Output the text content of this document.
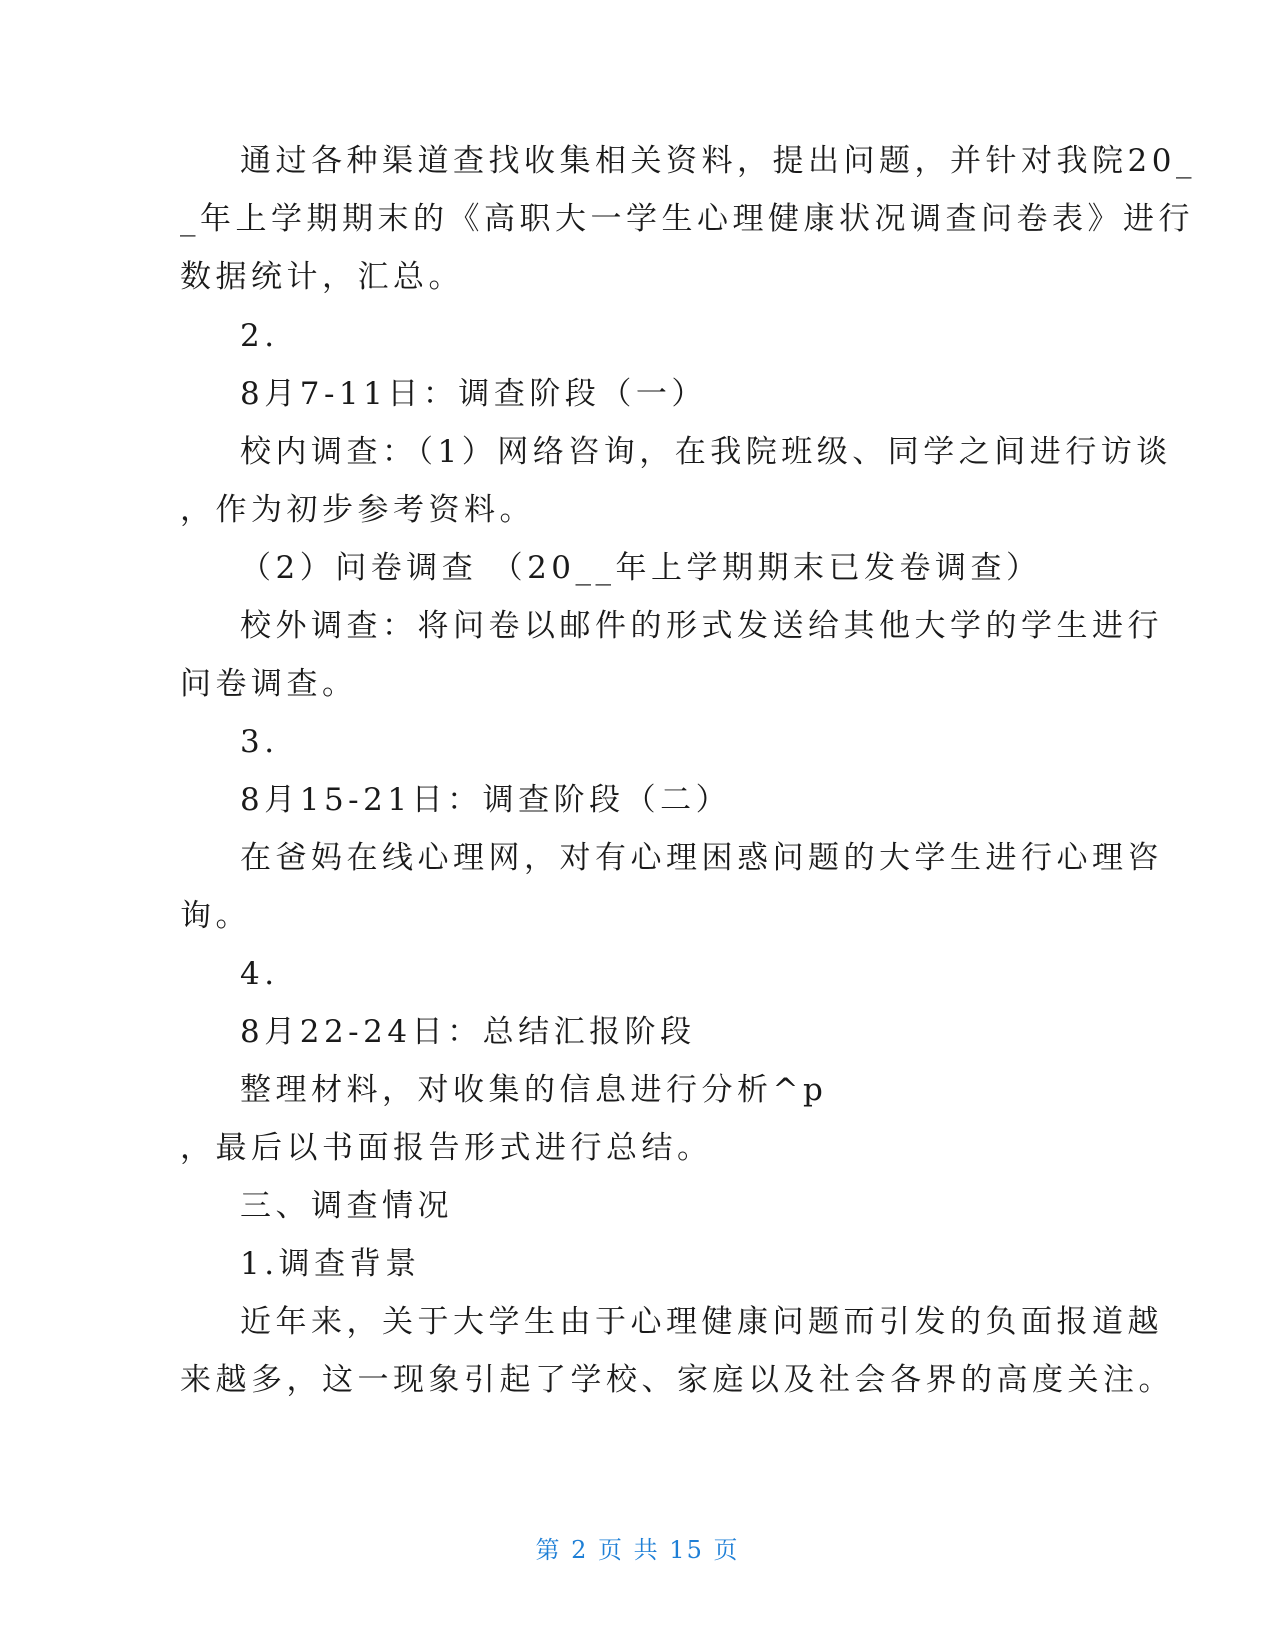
通过各种渠道查找收集相关资料，提出问题，并针对我院20_
_年上学期期末的《高职大一学生心理健康状况调查问卷表》进行
数据统计，汇总。
2.
8月7-11日：调查阶段（一）
校内调查：（1）网络咨询，在我院班级、同学之间进行访谈
，作为初步参考资料。
（2）问卷调查 （20__年上学期期末已发卷调查）
校外调查：将问卷以邮件的形式发送给其他大学的学生进行
问卷调查。
3.
8月15-21日：调查阶段（二）
在爸妈在线心理网，对有心理困惑问题的大学生进行心理咨
询。
4.
8月22-24日：总结汇报阶段
整理材料，对收集的信息进行分析^p
，最后以书面报告形式进行总结。
三、调查情况
1.调查背景
近年来，关于大学生由于心理健康问题而引发的负面报道越
来越多，这一现象引起了学校、家庭以及社会各界的高度关注。
第 2 页 共 15 页
